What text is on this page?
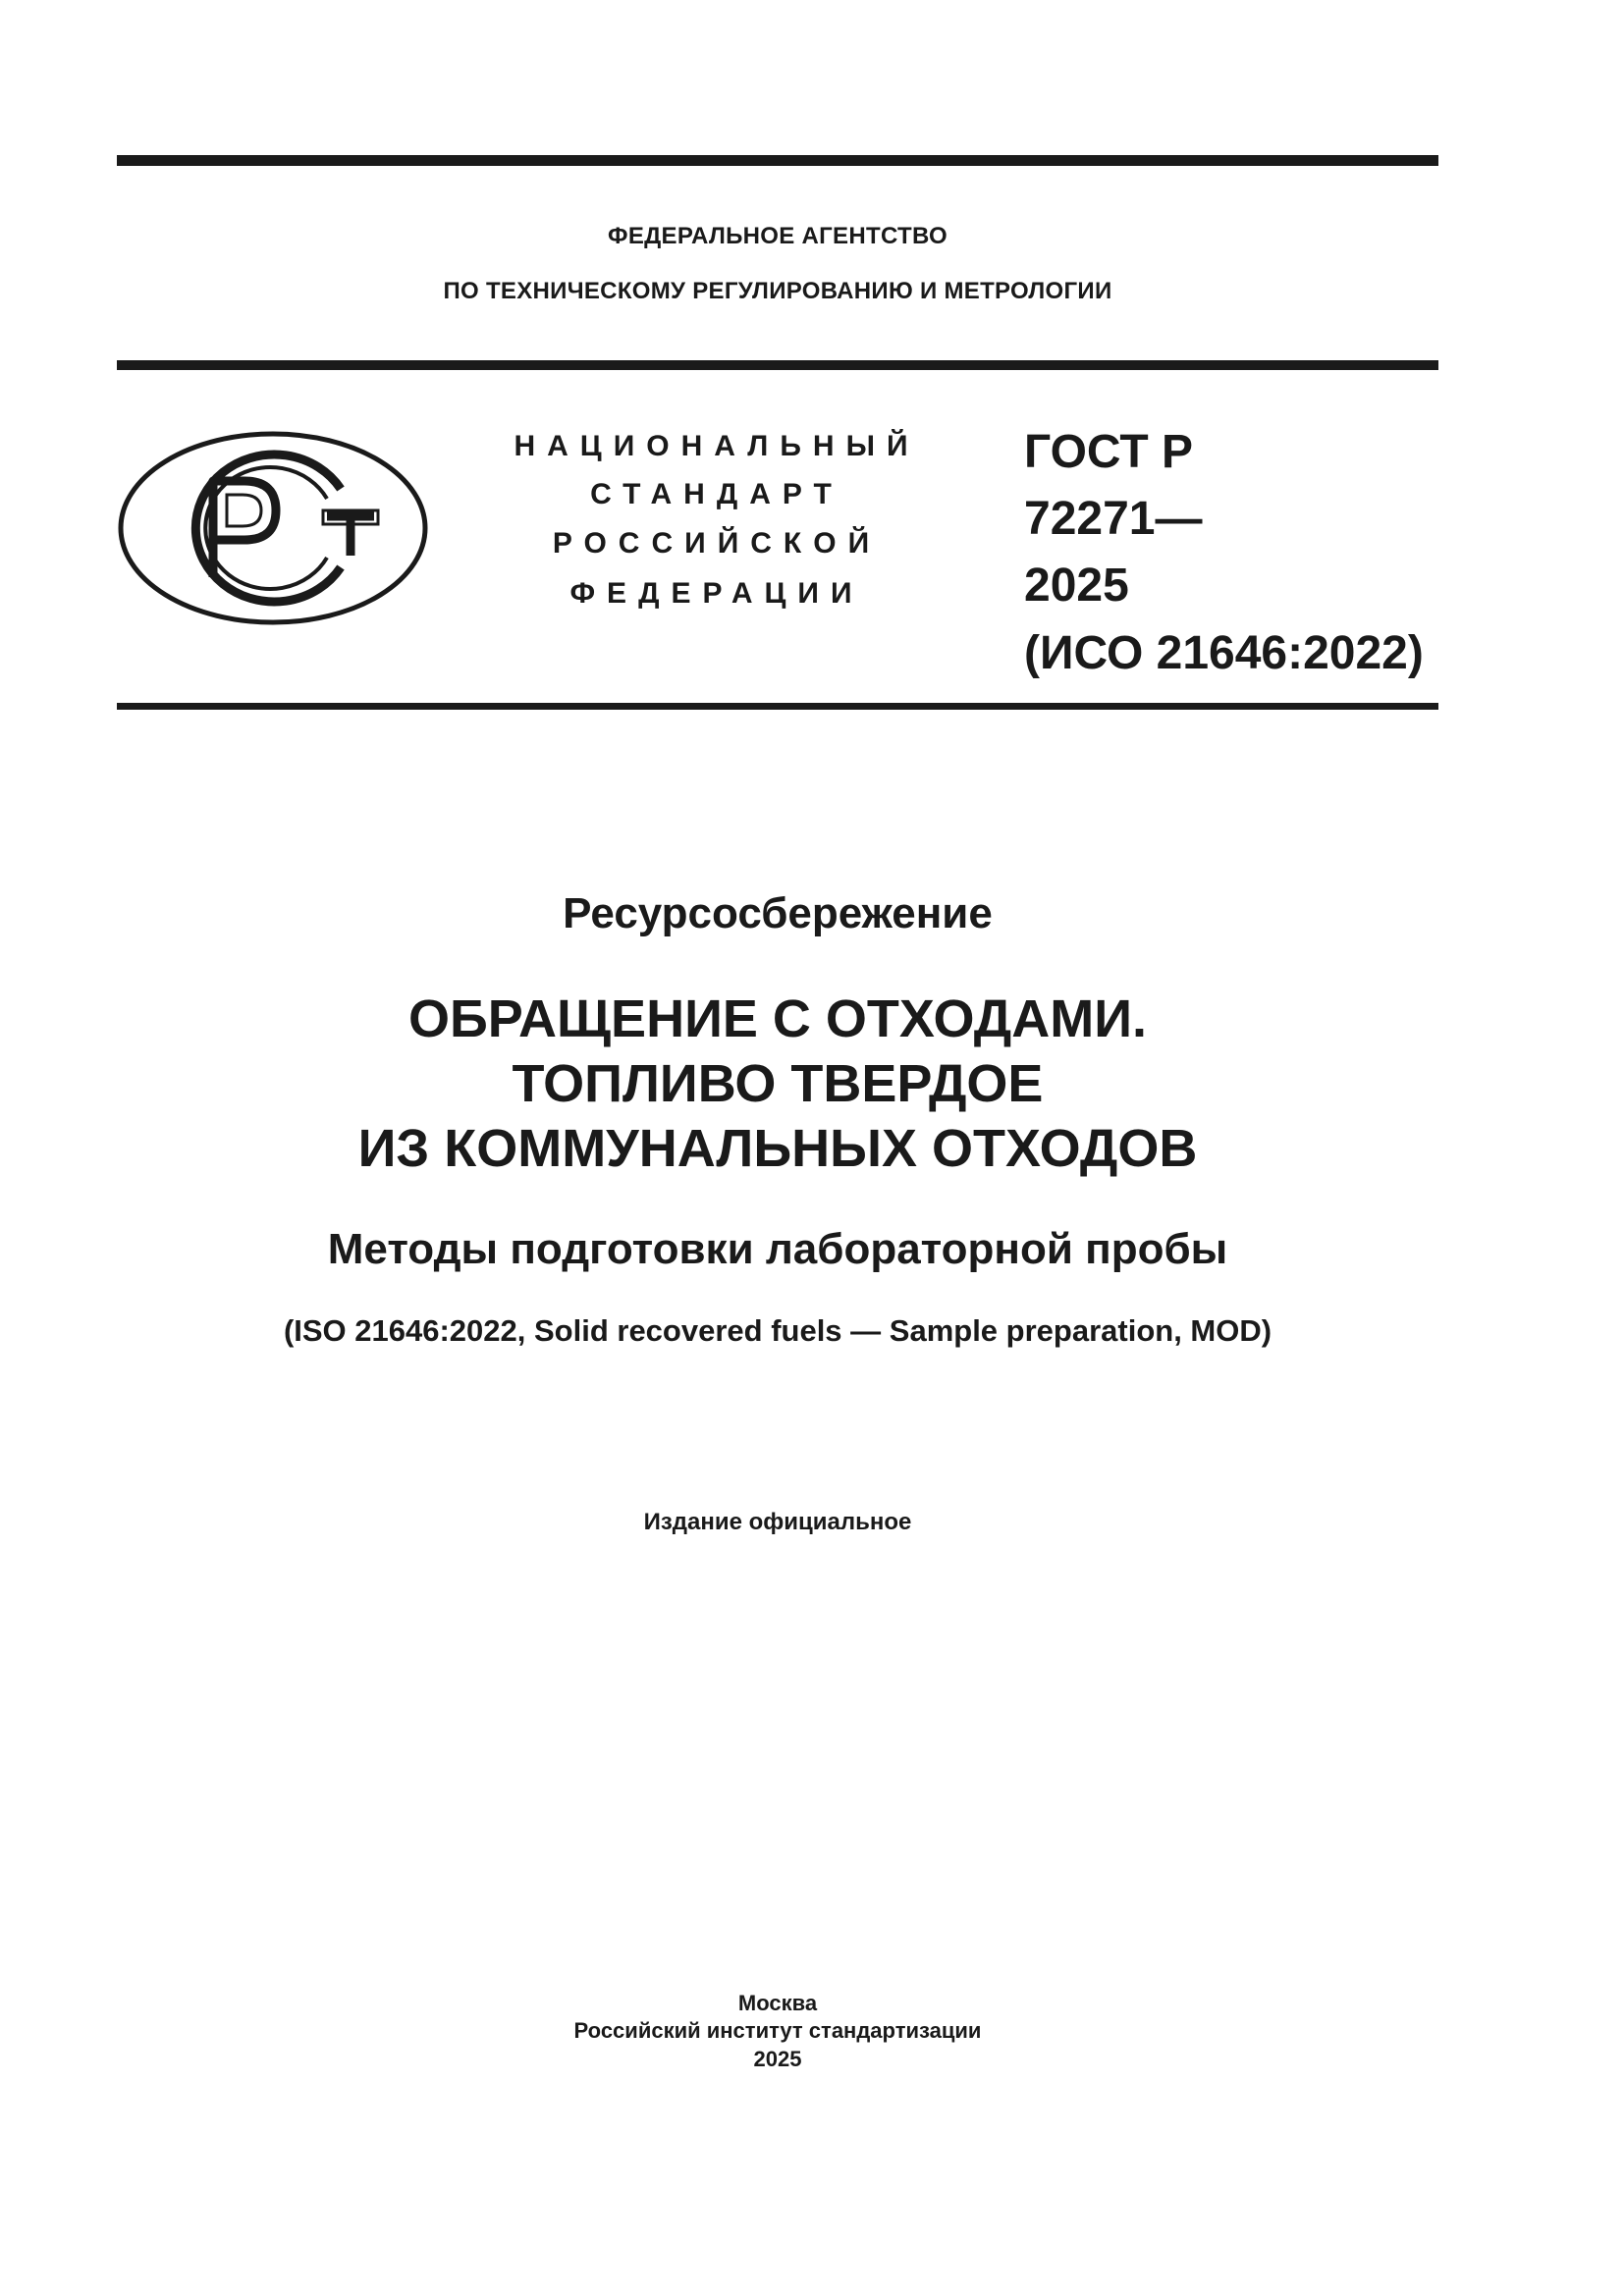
ФЕДЕРАЛЬНОЕ АГЕНТСТВО
ПО ТЕХНИЧЕСКОМУ РЕГУЛИРОВАНИЮ И МЕТРОЛОГИИ
НАЦИОНАЛЬНЫЙ
СТАНДАРТ
РОССИЙСКОЙ
ФЕДЕРАЦИИ
ГОСТ Р
72271—
2025
(ИСО 21646:2022)
Ресурсосбережение
ОБРАЩЕНИЕ С ОТХОДАМИ.
ТОПЛИВО ТВЕРДОЕ
ИЗ КОММУНАЛЬНЫХ ОТХОДОВ
Методы подготовки лабораторной пробы
(ISO 21646:2022, Solid recovered fuels — Sample preparation, MOD)
Издание официальное
Москва
Российский институт стандартизации
2025
